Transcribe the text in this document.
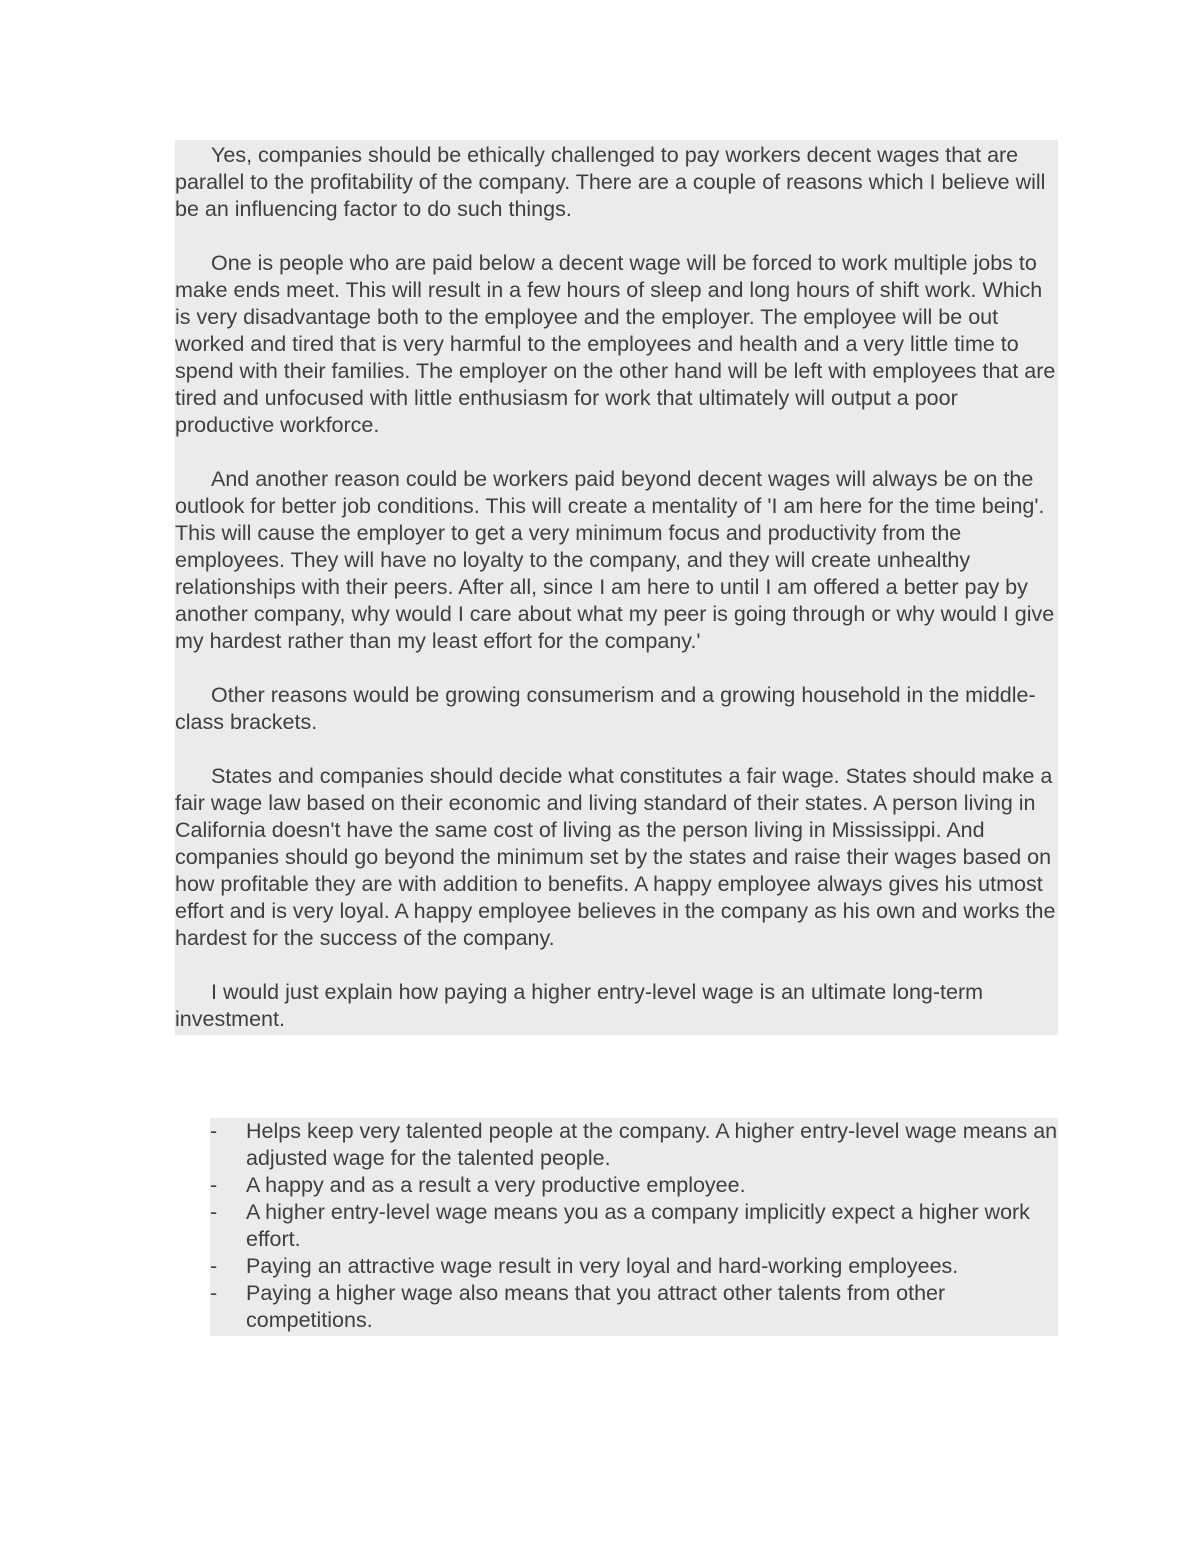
Yes, companies should be ethically challenged to pay workers decent wages that are parallel to the profitability of the company. There are a couple of reasons which I believe will be an influencing factor to do such things.

One is people who are paid below a decent wage will be forced to work multiple jobs to make ends meet. This will result in a few hours of sleep and long hours of shift work. Which is very disadvantage both to the employee and the employer. The employee will be out worked and tired that is very harmful to the employees and health and a very little time to spend with their families. The employer on the other hand will be left with employees that are tired and unfocused with little enthusiasm for work that ultimately will output a poor productive workforce.

And another reason could be workers paid beyond decent wages will always be on the outlook for better job conditions. This will create a mentality of 'I am here for the time being'. This will cause the employer to get a very minimum focus and productivity from the employees. They will have no loyalty to the company, and they will create unhealthy relationships with their peers. After all, since I am here to until I am offered a better pay by another company, why would I care about what my peer is going through or why would I give my hardest rather than my least effort for the company.'

Other reasons would be growing consumerism and a growing household in the middle-class brackets.

States and companies should decide what constitutes a fair wage. States should make a fair wage law based on their economic and living standard of their states. A person living in California doesn't have the same cost of living as the person living in Mississippi. And companies should go beyond the minimum set by the states and raise their wages based on how profitable they are with addition to benefits. A happy employee always gives his utmost effort and is very loyal. A happy employee believes in the company as his own and works the hardest for the success of the company.

I would just explain how paying a higher entry-level wage is an ultimate long-term investment.

-	Helps keep very talented people at the company. A higher entry-level wage means an adjusted wage for the talented people.
-	A happy and as a result a very productive employee.
-	A higher entry-level wage means you as a company implicitly expect a higher work effort.
-	Paying an attractive wage result in very loyal and hard-working employees.
-	Paying a higher wage also means that you attract other talents from other competitions.
